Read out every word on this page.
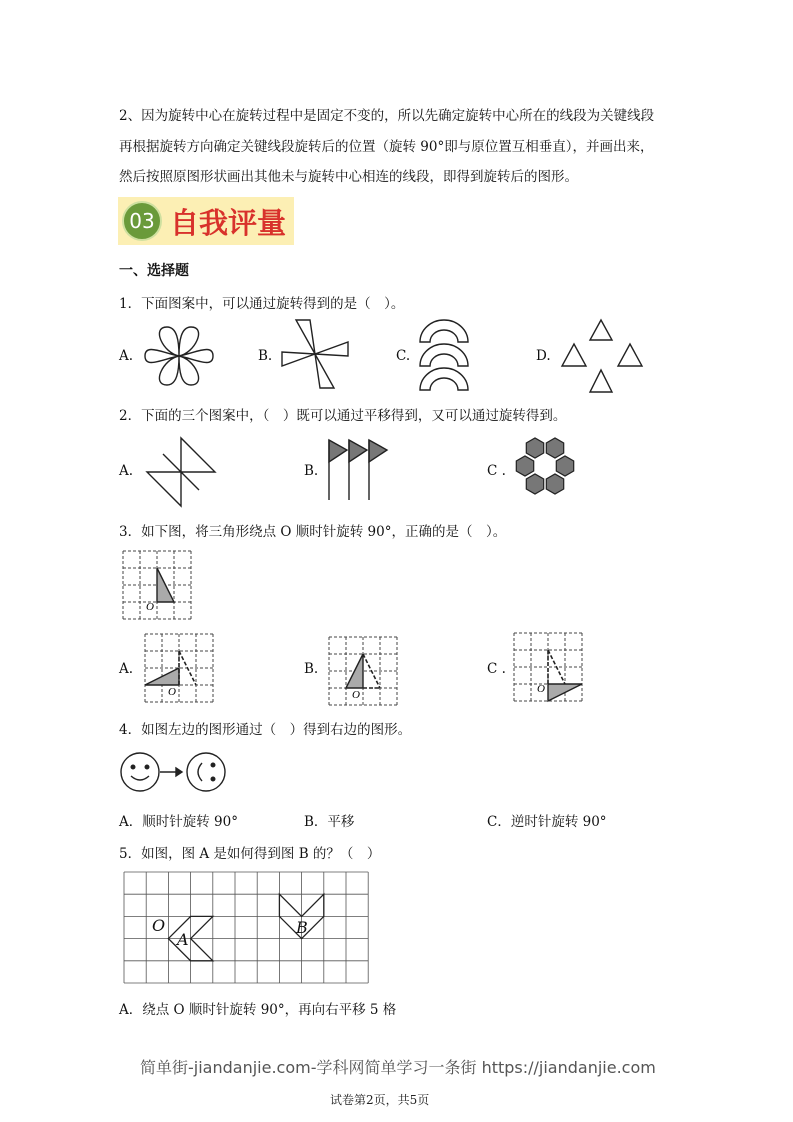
2、因为旋转中心在旋转过程中是固定不变的，所以先确定旋转中心所在的线段为关键线段
再根据旋转方向确定关键线段旋转后的位置（旋转 90°即与原位置互相垂直），并画出来，
然后按照原图形状画出其他未与旋转中心相连的线段，即得到旋转后的图形。
03 自我评量
一、选择题
1．下面图案中，可以通过旋转得到的是（　）。
A.	B.	C.	D.
2．下面的三个图案中，（　）既可以通过平移得到，又可以通过旋转得到。
A.	B.	C .
3．如下图，将三角形绕点 O 顺时针旋转 90°，正确的是（　）。
O
A.	B.	C .
O	O	O
4．如图左边的图形通过（　）得到右边的图形。
A．顺时针旋转 90°	B．平移	C．逆时针旋转 90°
5．如图，图 A 是如何得到图 B 的？（　）
O
A
B
A．绕点 O 顺时针旋转 90°，再向右平移 5 格
简单街-jiandanjie.com-学科网简单学习一条街 https://jiandanjie.com
试卷第2页，共5页
